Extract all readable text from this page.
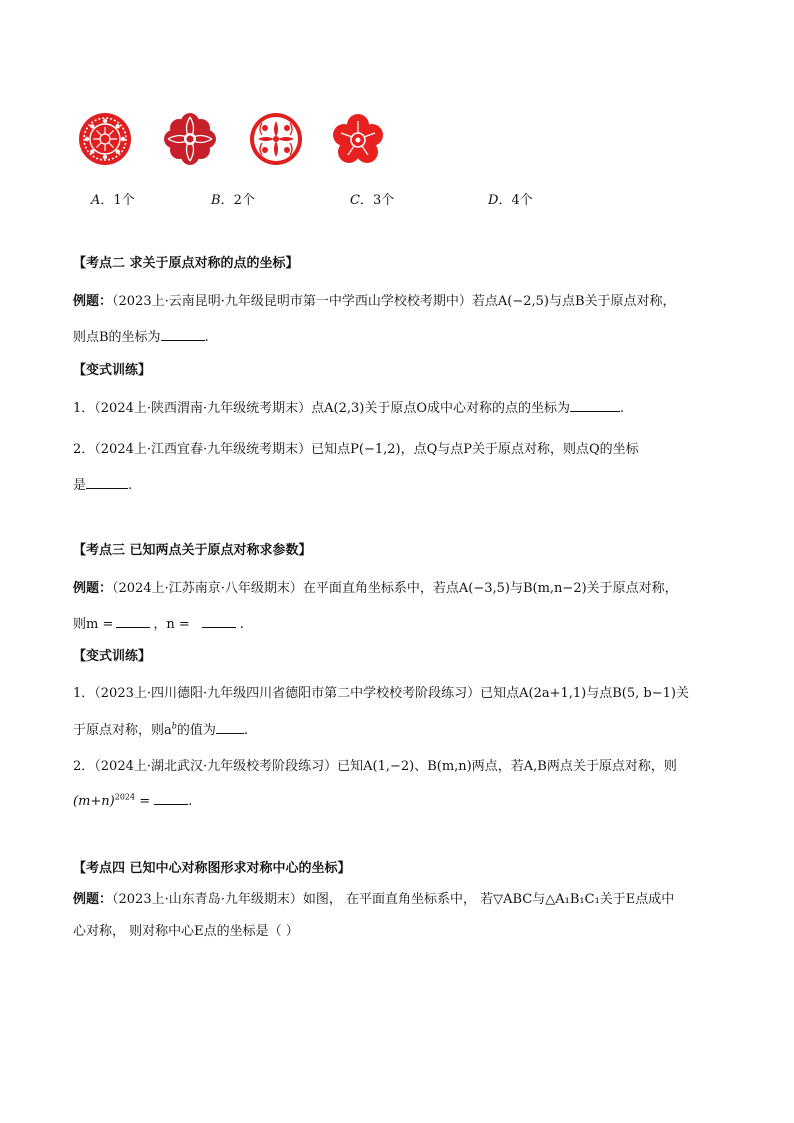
A．1个	B．2个	C．3个	D．4个
【考点二 求关于原点对称的点的坐标】
例题：（2023上·云南昆明·九年级昆明市第一中学西山学校校考期中）若点A(−2,5)与点B关于原点对称，
则点B的坐标为	.
【变式训练】
1．（2024上·陕西渭南·九年级统考期末）点A(2,3)关于原点O成中心对称的点的坐标为	.
2．（2024上·江西宜春·九年级统考期末）已知点P(−1,2)，点Q与点P关于原点对称，则点Q的坐标
是	.
【考点三 已知两点关于原点对称求参数】
例题：（2024上·江苏南京·八年级期末）在平面直角坐标系中，若点A(−3,5)与B(m,n−2)关于原点对称，
则m =	，n =	.
【变式训练】
1．（2023上·四川德阳·九年级四川省德阳市第二中学校校考阶段练习）已知点A(2a+1,1)与点B(5, b−1)关
于原点对称，则$a^b$的值为 .
2．（2024上·湖北武汉·九年级校考阶段练习）已知A(1,−2)、B(m,n)两点，若A,B两点关于原点对称，则
$(m+n)^{2024}$ =	.
【考点四 已知中心对称图形求对称中心的坐标】
例题：（2023上·山东青岛·九年级期末）如图， 在平面直角坐标系中， 若▽ABC与△A₁B₁C₁关于E点成中
心对称， 则对称中心E点的坐标是（ ）
